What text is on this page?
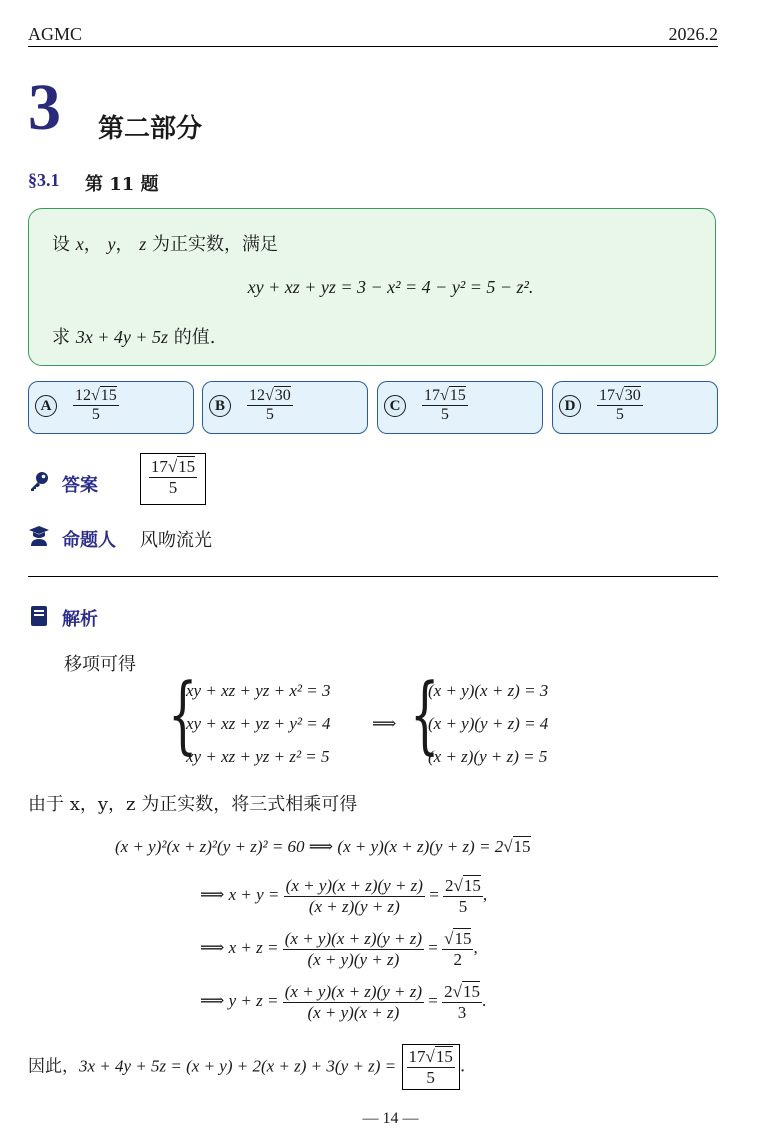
AGMC	2026.2
3 第二部分
§3.1 第 11 题
设 x， y， z 为正实数，满足
xy + xz + yz = 3 − x² = 4 − y² = 5 − z².
求 3x + 4y + 5z 的值.
A	$\frac{12√15}{5}$	B	$\frac{12√30}{5}$	C	$\frac{17√15}{5}$	D	$\frac{17√30}{5}$
答案	$\frac{17√15}{5}$
命题人 风吻流光
解析
移项可得
{
xy + xz + yz + x² = 3
xy + xz + yz + y² = 4
xy + xz + yz + z² = 5
⟹ {
(x + y)(x + z) = 3
(x + y)(y + z) = 4
(x + z)(y + z) = 5
由于 x，y，z 为正实数，将三式相乘可得
(x + y)²(x + z)²(y + z)² = 60 ⟹ (x + y)(x + z)(y + z) = 2√15
⟹ $x + y = \frac{(x + y)(x + z)(y + z)}{(x + z)(y + z)} = \frac{2√15}{5}$ ,
⟹ $x + z = \frac{(x + y)(x + z)(y + z)}{(x + y)(y + z)} = \frac{√15}{2}$ ,
⟹ $y + z = \frac{(x + y)(x + z)(y + z)}{(x + y)(x + z)} = \frac{2√15}{3}$ .
因此，$3x + 4y + 5z = (x + y) + 2(x + z) + 3(y + z) = \frac{17√15}{5}$ .
— 14 —
